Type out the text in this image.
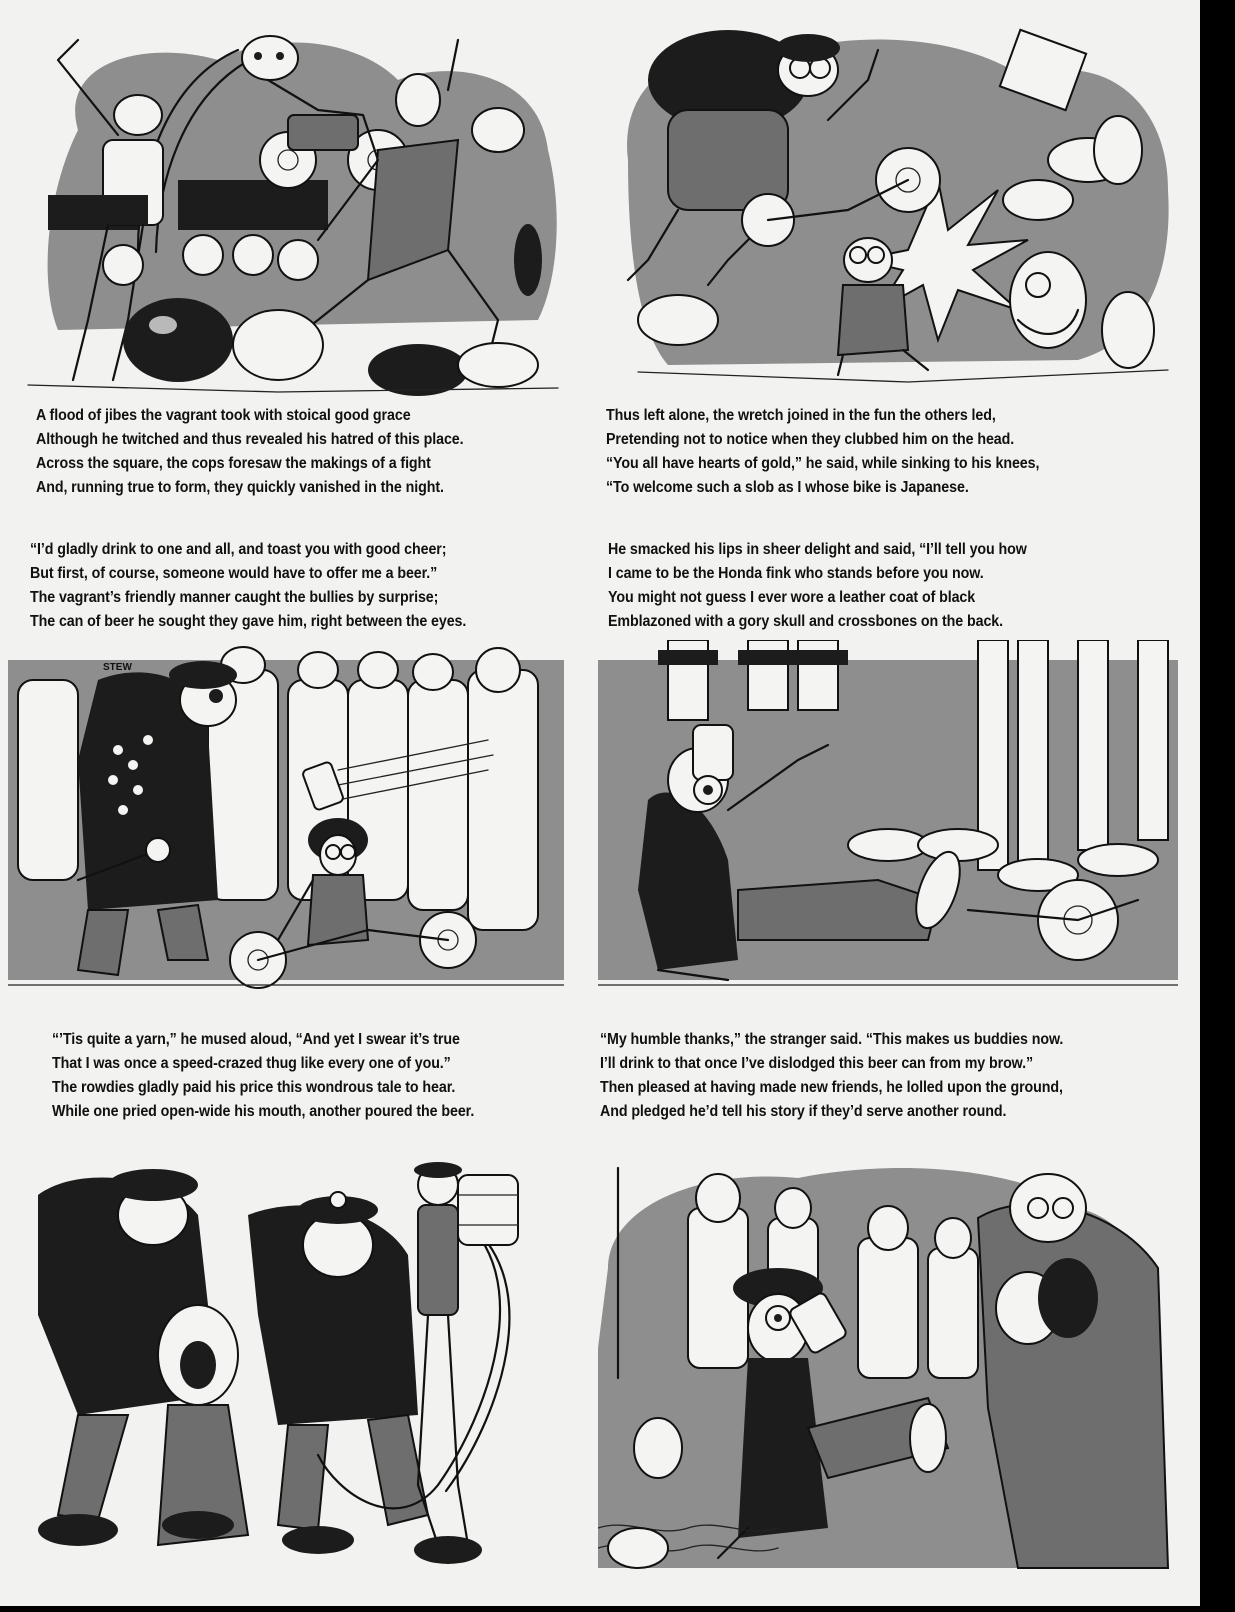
A flood of jibes the vagrant took with stoical good grace
Although he twitched and thus revealed his hatred of this place.
Across the square, the cops foresaw the makings of a fight
And, running true to form, they quickly vanished in the night.
Thus left alone, the wretch joined in the fun the others led,
Pretending not to notice when they clubbed him on the head.
“You all have hearts of gold,” he said, while sinking to his knees,
“To welcome such a slob as I whose bike is Japanese.
“I’d gladly drink to one and all, and toast you with good cheer;
But first, of course, someone would have to offer me a beer.”
The vagrant’s friendly manner caught the bullies by surprise;
The can of beer he sought they gave him, right between the eyes.
He smacked his lips in sheer delight and said, “I’ll tell you how
I came to be the Honda fink who stands before you now.
You might not guess I ever wore a leather coat of black
Emblazoned with a gory skull and crossbones on the back.
STEW
“’Tis quite a yarn,” he mused aloud, “And yet I swear it’s true
That I was once a speed-crazed thug like every one of you.”
The rowdies gladly paid his price this wondrous tale to hear.
While one pried open-wide his mouth, another poured the beer.
“My humble thanks,” the stranger said. “This makes us buddies now.
I’ll drink to that once I’ve dislodged this beer can from my brow.”
Then pleased at having made new friends, he lolled upon the ground,
And pledged he’d tell his story if they’d serve another round.
